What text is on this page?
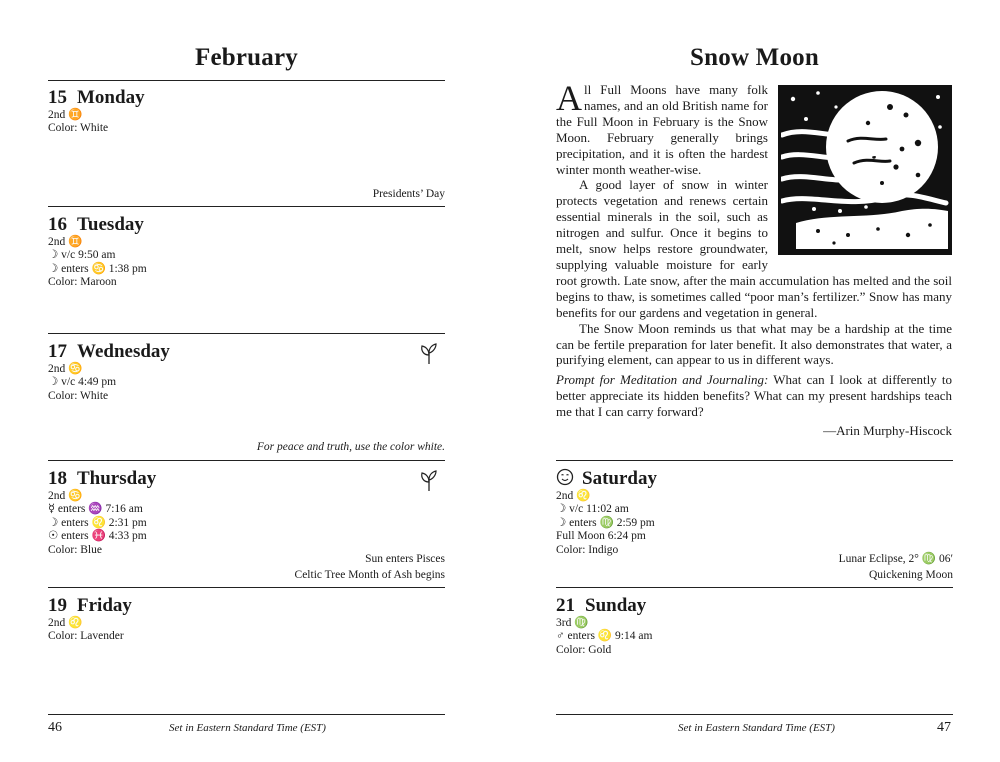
February
15 Monday
2nd ♊
Color: White
Presidents’ Day
16 Tuesday
2nd ♊
☽ v/c 9:50 am
☽ enters ♋ 1:38 pm
Color: Maroon
17 Wednesday
2nd ♋
☽ v/c 4:49 pm
Color: White
For peace and truth, use the color white.
18 Thursday
2nd ♋
☿ enters ♒ 7:16 am
☽ enters ♌ 2:31 pm
☉ enters ♓ 4:33 pm
Color: Blue
Sun enters Pisces
Celtic Tree Month of Ash begins
19 Friday
2nd ♌
Color: Lavender
46	Set in Eastern Standard Time (EST)
Snow Moon

All Full Moons have many folk names, and an old British name for the Full Moon in February is the Snow Moon. February generally brings precipitation, and it is often the hardest winter month weather-wise.

A good layer of snow in winter protects vegetation and renews certain essential minerals in the soil, such as nitrogen and sulfur. Once it begins to melt, snow helps restore groundwater, supplying valuable moisture for early root growth. Late snow, after the main accumulation has melted and the soil begins to thaw, is sometimes called “poor man’s fertilizer.” Snow has many benefits for our gardens and vegetation in general.

The Snow Moon reminds us that what may be a hardship at the time can be fertile preparation for later benefit. It also demonstrates that water, a purifying element, can appear to us in different ways.

Prompt for Meditation and Journaling: What can I look at differently to better appreciate its hidden benefits? What can my present hardships teach me that I can carry forward?

—Arin Murphy-Hiscock
Saturday
2nd ♌
☽ v/c 11:02 am
☽ enters ♍ 2:59 pm
Full Moon 6:24 pm
Color: Indigo
Lunar Eclipse, 2° ♍ 06′
Quickening Moon
21 Sunday
3rd ♍
♂ enters ♌ 9:14 am
Color: Gold
Set in Eastern Standard Time (EST)	47
